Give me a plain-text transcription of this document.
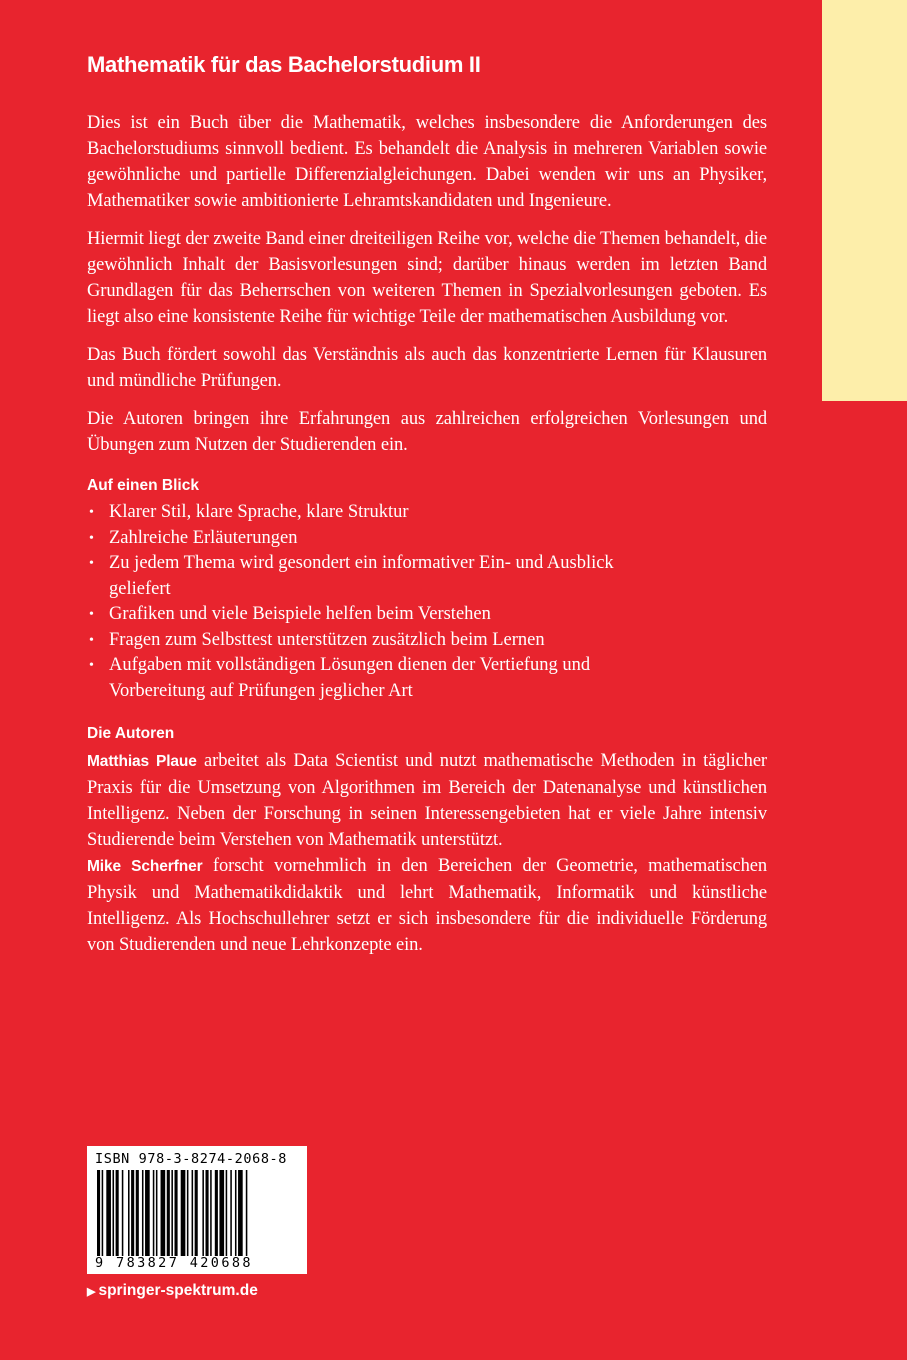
Mathematik für das Bachelorstudium II

Dies ist ein Buch über die Mathematik, welches insbesondere die Anforderungen des Bachelorstudiums sinnvoll bedient. Es behandelt die Analysis in mehreren Variablen sowie gewöhnliche und partielle Differenzialgleichungen. Dabei wenden wir uns an Physiker, Mathematiker sowie ambitionierte Lehramtskandidaten und Ingenieure.

Hiermit liegt der zweite Band einer dreiteiligen Reihe vor, welche die Themen behandelt, die gewöhnlich Inhalt der Basisvorlesungen sind; darüber hinaus werden im letzten Band Grundlagen für das Beherrschen von weiteren Themen in Spezialvorlesungen geboten. Es liegt also eine konsistente Reihe für wichtige Teile der mathematischen Ausbildung vor.

Das Buch fördert sowohl das Verständnis als auch das konzentrierte Lernen für Klausuren und mündliche Prüfungen.

Die Autoren bringen ihre Erfahrungen aus zahlreichen erfolgreichen Vorlesungen und Übungen zum Nutzen der Studierenden ein.

Auf einen Blick
• Klarer Stil, klare Sprache, klare Struktur
• Zahlreiche Erläuterungen
• Zu jedem Thema wird gesondert ein informativer Ein- und Ausblick geliefert
• Grafiken und viele Beispiele helfen beim Verstehen
• Fragen zum Selbsttest unterstützen zusätzlich beim Lernen
• Aufgaben mit vollständigen Lösungen dienen der Vertiefung und Vorbereitung auf Prüfungen jeglicher Art
Die Autoren

Matthias Plaue arbeitet als Data Scientist und nutzt mathematische Methoden in täglicher Praxis für die Umsetzung von Algorithmen im Bereich der Datenanalyse und künstlichen Intelligenz. Neben der Forschung in seinen Interessengebieten hat er viele Jahre intensiv Studierende beim Verstehen von Mathematik unterstützt.

Mike Scherfner forscht vornehmlich in den Bereichen der Geometrie, mathematischen Physik und Mathematikdidaktik und lehrt Mathematik, Informatik und künstliche Intelligenz. Als Hochschullehrer setzt er sich insbesondere für die individuelle Förderung von Studierenden und neue Lehrkonzepte ein.

ISBN 978-3-8274-2068-8
9 783827 420688
▶ springer-spektrum.de
